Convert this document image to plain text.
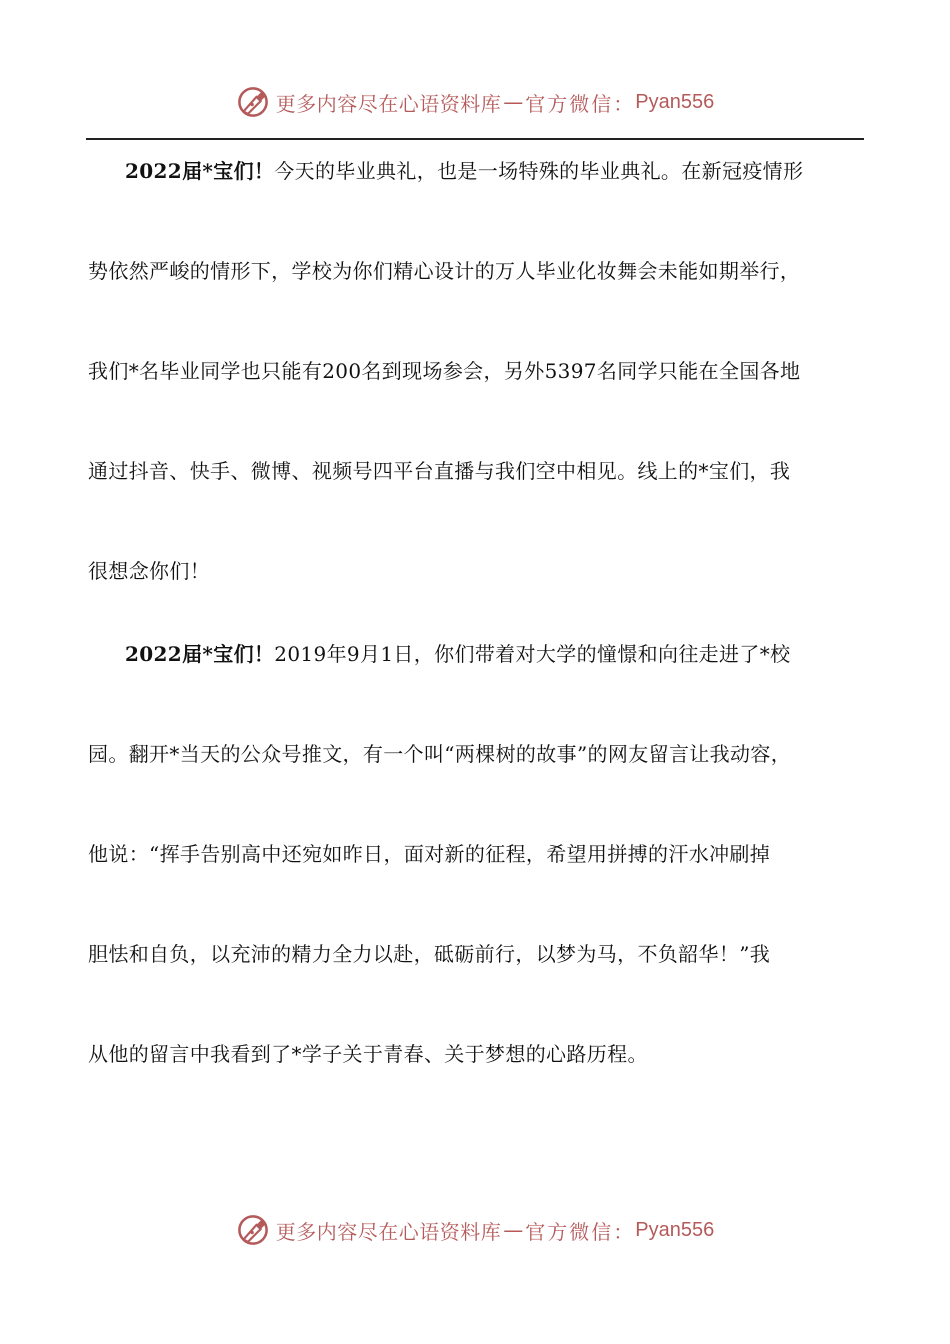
更多内容尽在心语资料库 — 官方微信： Pyan556
2022届*宝们！今天的毕业典礼，也是一场特殊的毕业典礼。在新冠疫情形
势依然严峻的情形下，学校为你们精心设计的万人毕业化妆舞会未能如期举行，
我们*名毕业同学也只能有200名到现场参会，另外5397名同学只能在全国各地
通过抖音、快手、微博、视频号四平台直播与我们空中相见。线上的*宝们，我
很想念你们！
2022届*宝们！2019年9月1日，你们带着对大学的憧憬和向往走进了*校
园。翻开*当天的公众号推文，有一个叫“两棵树的故事”的网友留言让我动容，
他说：“挥手告别高中还宛如昨日，面对新的征程，希望用拼搏的汗水冲刷掉
胆怯和自负，以充沛的精力全力以赴，砥砺前行，以梦为马，不负韶华！”我
从他的留言中我看到了*学子关于青春、关于梦想的心路历程。
更多内容尽在心语资料库 — 官方微信： Pyan556
